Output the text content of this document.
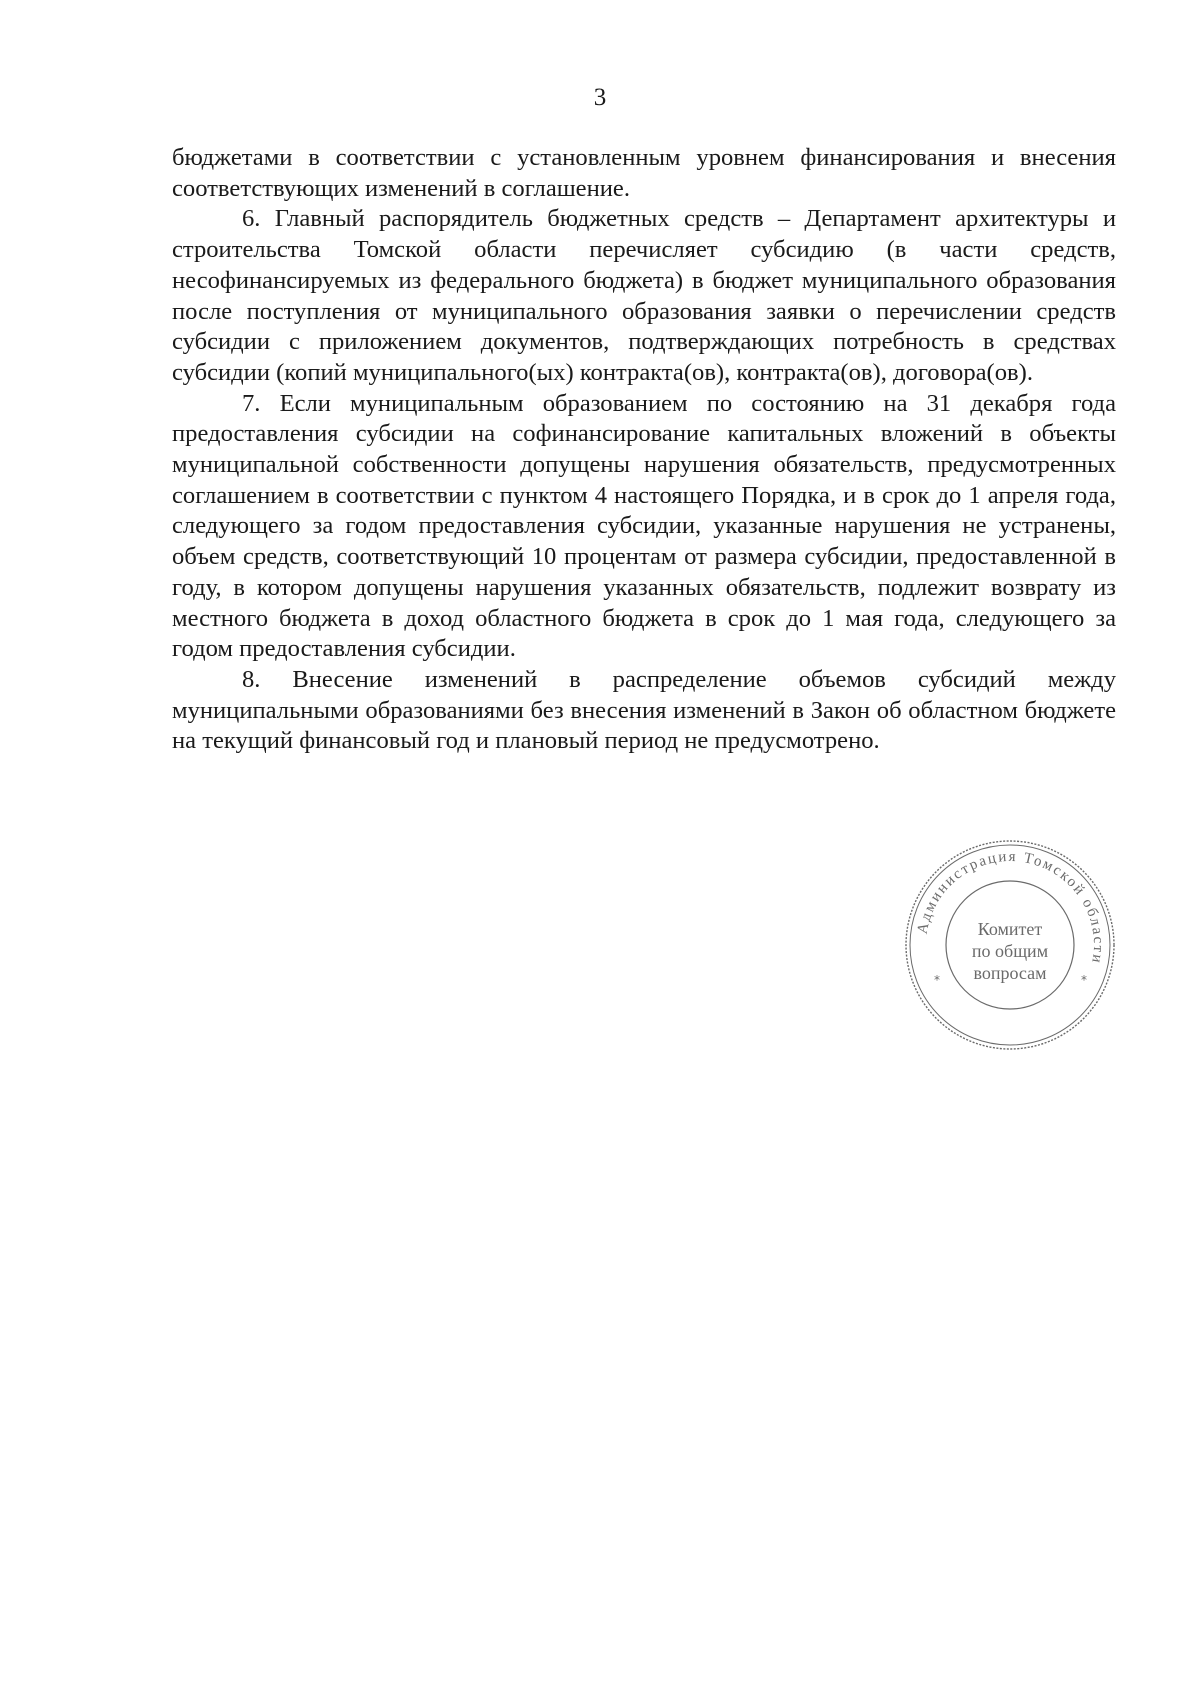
3

бюджетами в соответствии с установленным уровнем финансирования и внесения соответствующих изменений в соглашение.

6. Главный распорядитель бюджетных средств – Департамент архитектуры и строительства Томской области перечисляет субсидию (в части средств, несофинансируемых из федерального бюджета) в бюджет муниципального образования после поступления от муниципального образования заявки о перечислении средств субсидии с приложением документов, подтверждающих потребность в средствах субсидии (копий муниципального(ых) контракта(ов), контракта(ов), договора(ов).

7. Если муниципальным образованием по состоянию на 31 декабря года предоставления субсидии на софинансирование капитальных вложений в объекты муниципальной собственности допущены нарушения обязательств, предусмотренных соглашением в соответствии с пунктом 4 настоящего Порядка, и в срок до 1 апреля года, следующего за годом предоставления субсидии, указанные нарушения не устранены, объем средств, соответствующий 10 процентам от размера субсидии, предоставленной в году, в котором допущены нарушения указанных обязательств, подлежит возврату из местного бюджета в доход областного бюджета в срок до 1 мая года, следующего за годом предоставления субсидии.

8. Внесение изменений в распределение объемов субсидий между муниципальными образованиями без внесения изменений в Закон об областном бюджете на текущий финансовый год и плановый период не предусмотрено.

Администрация Томской области
*	*
Комитет
по общим
вопросам
